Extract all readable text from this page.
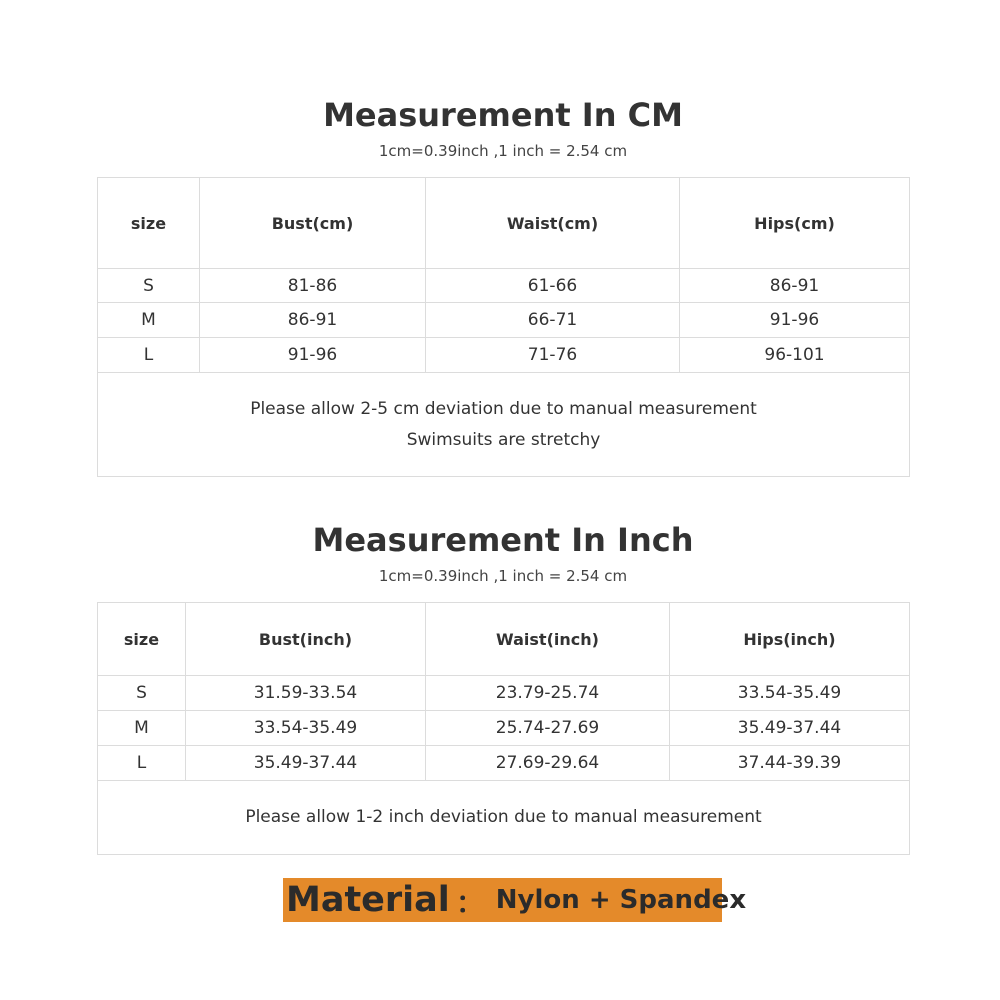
Measurement In CM
1cm=0.39inch ,1 inch = 2.54 cm
size	Bust(cm)	Waist(cm)	Hips(cm)
S	81-86	61-66	86-91
M	86-91	66-71	91-96
L	91-96	71-76	96-101

Please allow 2-5 cm deviation due to manual measurement
Swimsuits are stretchy			
Measurement In Inch
1cm=0.39inch ,1 inch = 2.54 cm
size	Bust(inch)	Waist(inch)	Hips(inch)
S	31.59-33.54	23.79-25.74	33.54-35.49
M	33.54-35.49	25.74-27.69	35.49-37.44
L	35.49-37.44	27.69-29.64	37.44-39.39
Please allow 1-2 inch deviation due to manual measurement			
Material ： Nylon + Spandex
